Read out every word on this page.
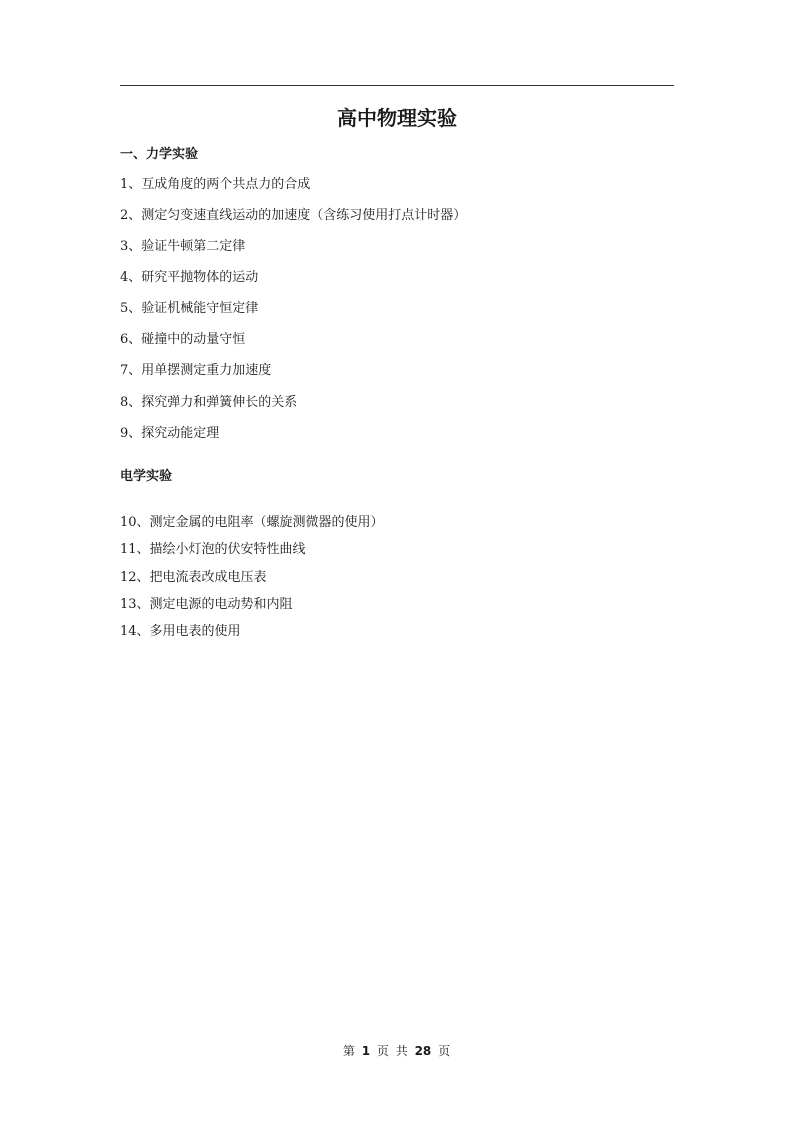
高中物理实验
一、力学实验

1、互成角度的两个共点力的合成

2、测定匀变速直线运动的加速度（含练习使用打点计时器）

3、验证牛顿第二定律

4、研究平抛物体的运动

5、验证机械能守恒定律

6、碰撞中的动量守恒

7、用单摆测定重力加速度

8、探究弹力和弹簧伸长的关系

9、探究动能定理

电学实验

10、测定金属的电阻率（螺旋测微器的使用）

11、描绘小灯泡的伏安特性曲线

12、把电流表改成电压表

13、测定电源的电动势和内阻

14、多用电表的使用

第 1 页 共 28 页
